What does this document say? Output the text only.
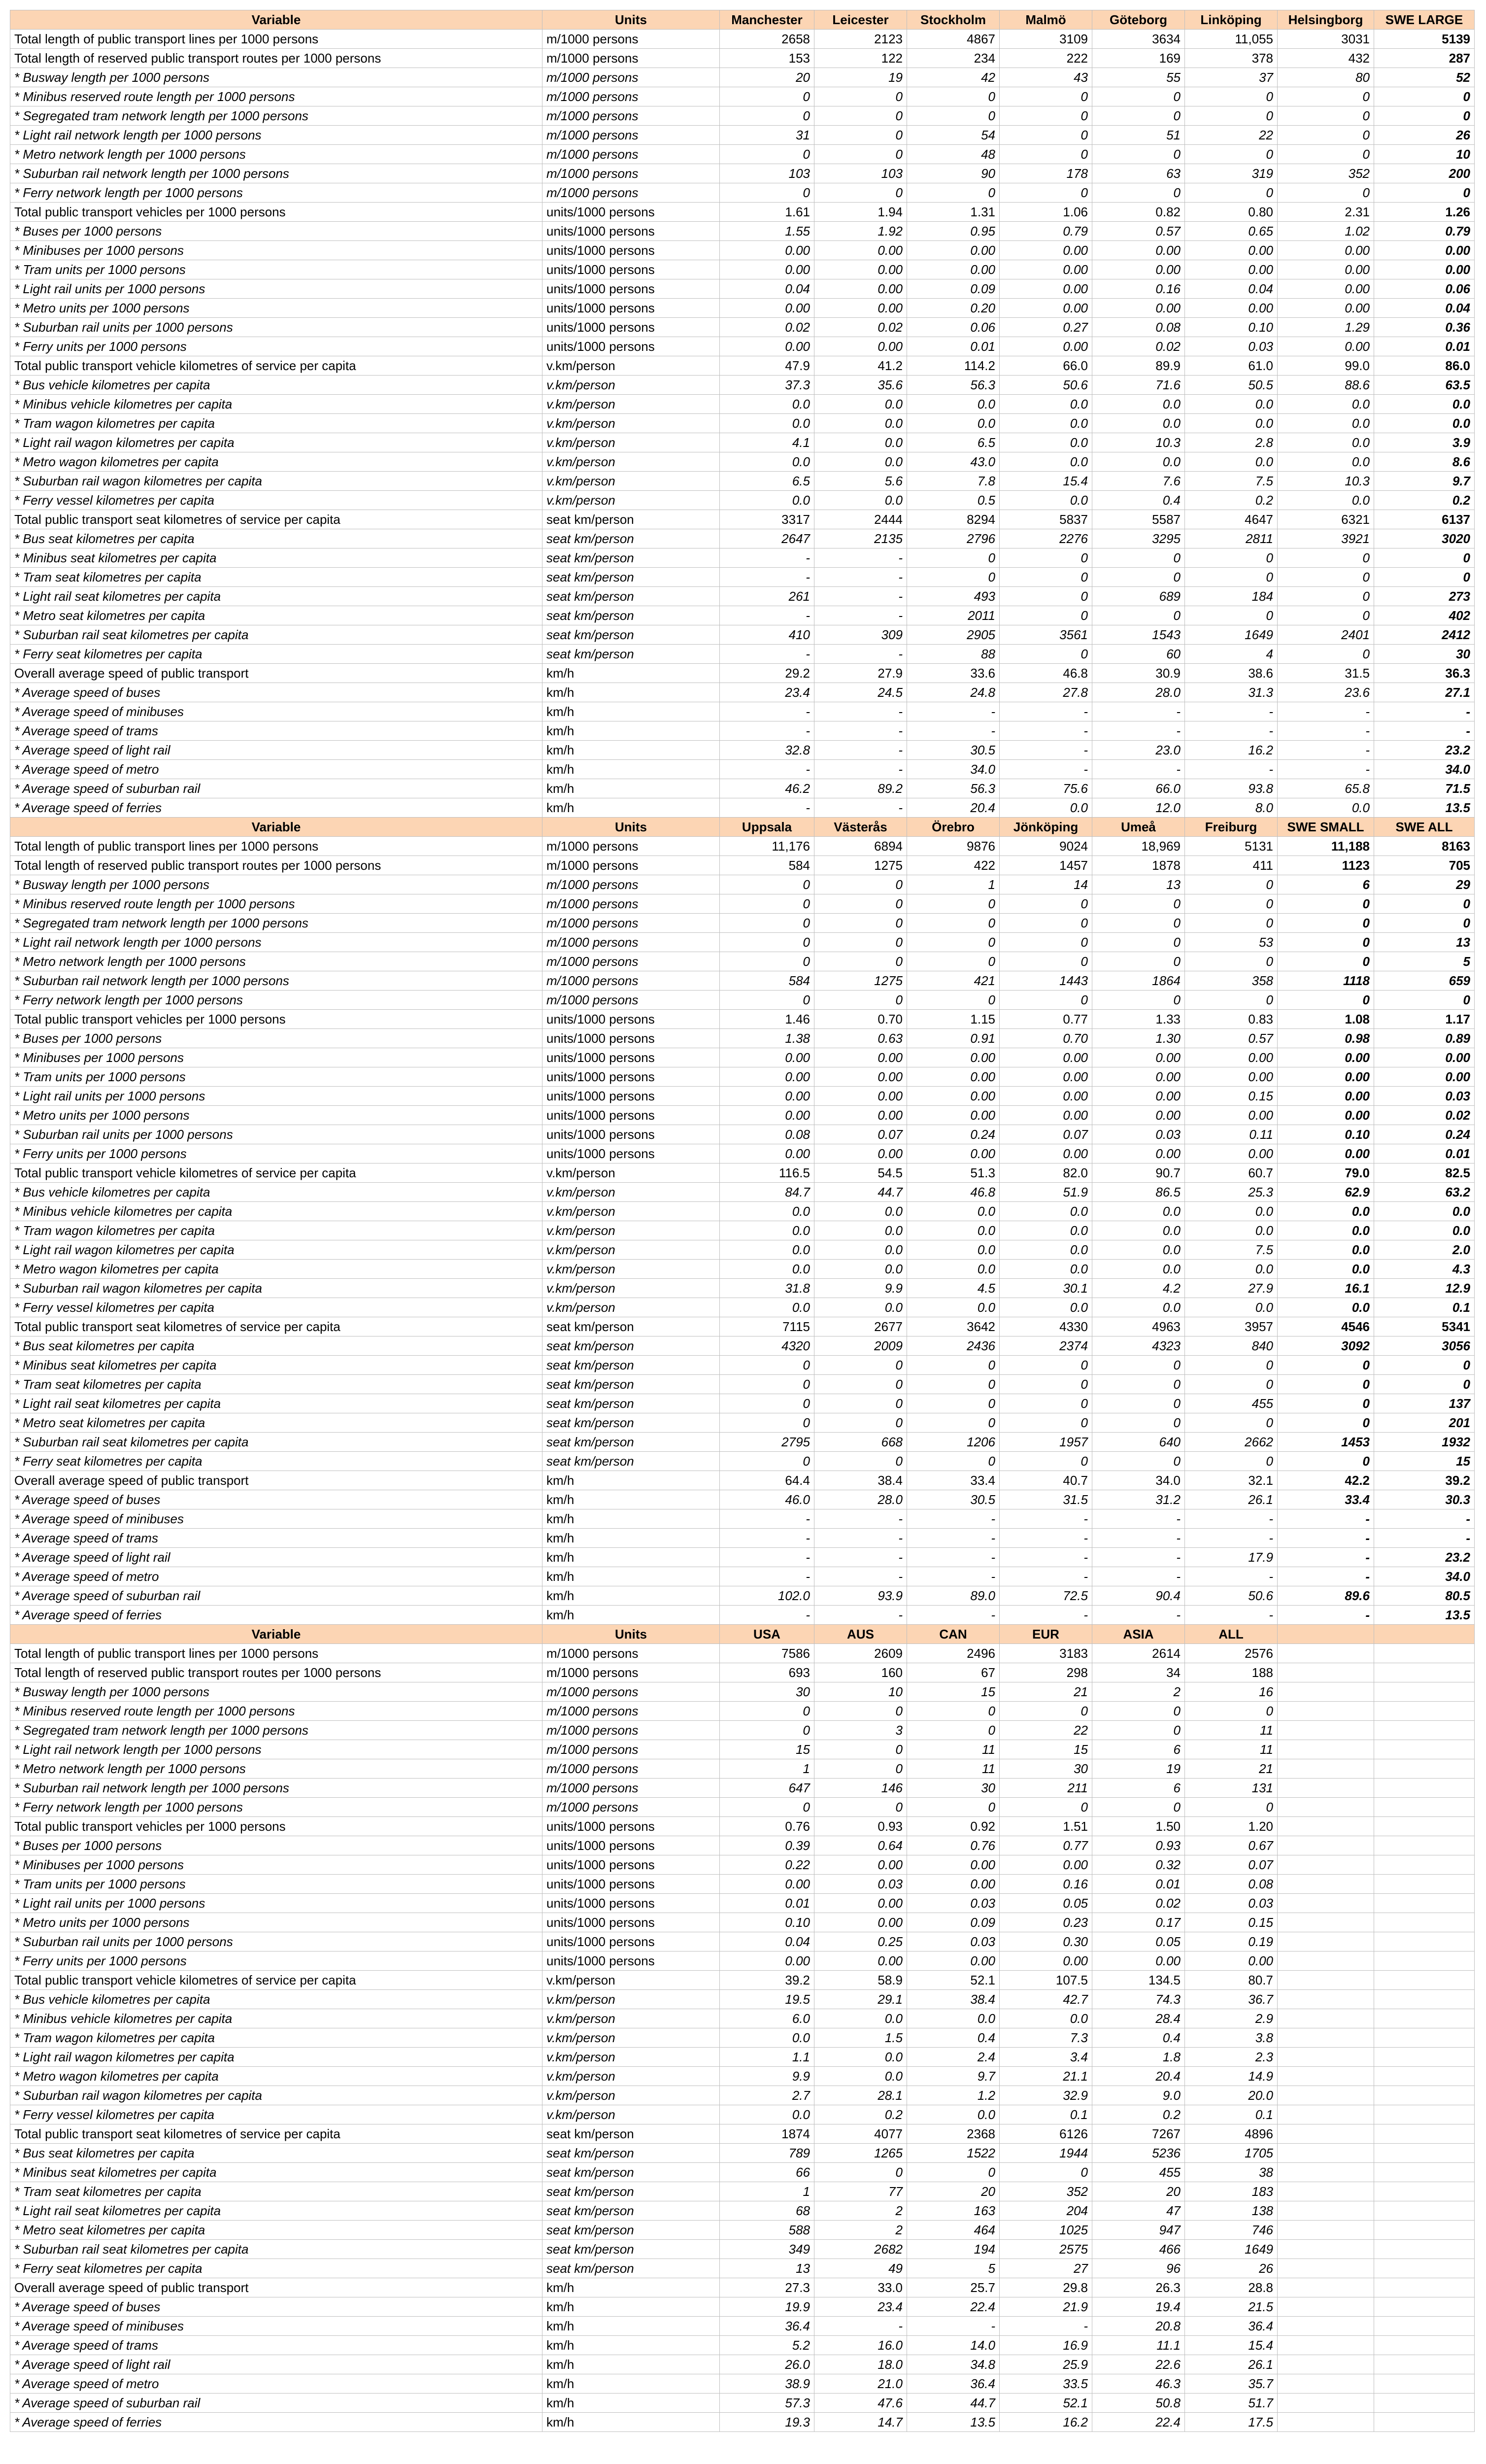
Variable	Units	Manchester	Leicester	Stockholm	Malmö	Göteborg	Linköping	Helsingborg	SWE LARGE
Total length of public transport lines per 1000 persons	m/1000 persons	2658	2123	4867	3109	3634	11,055	3031	5139
Total length of reserved public transport routes per 1000 persons	m/1000 persons	153	122	234	222	169	378	432	287
* Busway length per 1000 persons	m/1000 persons	20	19	42	43	55	37	80	52
* Minibus reserved route length per 1000 persons	m/1000 persons	0	0	0	0	0	0	0	0
* Segregated tram network length per 1000 persons	m/1000 persons	0	0	0	0	0	0	0	0
* Light rail network length per 1000 persons	m/1000 persons	31	0	54	0	51	22	0	26
* Metro network length per 1000 persons	m/1000 persons	0	0	48	0	0	0	0	10
* Suburban rail network length per 1000 persons	m/1000 persons	103	103	90	178	63	319	352	200
* Ferry network length per 1000 persons	m/1000 persons	0	0	0	0	0	0	0	0
Total public transport vehicles per 1000 persons	units/1000 persons	1.61	1.94	1.31	1.06	0.82	0.80	2.31	1.26
* Buses per 1000 persons	units/1000 persons	1.55	1.92	0.95	0.79	0.57	0.65	1.02	0.79
* Minibuses per 1000 persons	units/1000 persons	0.00	0.00	0.00	0.00	0.00	0.00	0.00	0.00
* Tram units per 1000 persons	units/1000 persons	0.00	0.00	0.00	0.00	0.00	0.00	0.00	0.00
* Light rail units per 1000 persons	units/1000 persons	0.04	0.00	0.09	0.00	0.16	0.04	0.00	0.06
* Metro units per 1000 persons	units/1000 persons	0.00	0.00	0.20	0.00	0.00	0.00	0.00	0.04
* Suburban rail units per 1000 persons	units/1000 persons	0.02	0.02	0.06	0.27	0.08	0.10	1.29	0.36
* Ferry units per 1000 persons	units/1000 persons	0.00	0.00	0.01	0.00	0.02	0.03	0.00	0.01
Total public transport vehicle kilometres of service per capita	v.km/person	47.9	41.2	114.2	66.0	89.9	61.0	99.0	86.0
* Bus vehicle kilometres per capita	v.km/person	37.3	35.6	56.3	50.6	71.6	50.5	88.6	63.5
* Minibus vehicle kilometres per capita	v.km/person	0.0	0.0	0.0	0.0	0.0	0.0	0.0	0.0
* Tram wagon kilometres per capita	v.km/person	0.0	0.0	0.0	0.0	0.0	0.0	0.0	0.0
* Light rail wagon kilometres per capita	v.km/person	4.1	0.0	6.5	0.0	10.3	2.8	0.0	3.9
* Metro wagon kilometres per capita	v.km/person	0.0	0.0	43.0	0.0	0.0	0.0	0.0	8.6
* Suburban rail wagon kilometres per capita	v.km/person	6.5	5.6	7.8	15.4	7.6	7.5	10.3	9.7
* Ferry vessel kilometres per capita	v.km/person	0.0	0.0	0.5	0.0	0.4	0.2	0.0	0.2
Total public transport seat kilometres of service per capita	seat km/person	3317	2444	8294	5837	5587	4647	6321	6137
* Bus seat kilometres per capita	seat km/person	2647	2135	2796	2276	3295	2811	3921	3020
* Minibus seat kilometres per capita	seat km/person	-	-	0	0	0	0	0	0
* Tram seat kilometres per capita	seat km/person	-	-	0	0	0	0	0	0
* Light rail seat kilometres per capita	seat km/person	261	-	493	0	689	184	0	273
* Metro seat kilometres per capita	seat km/person	-	-	2011	0	0	0	0	402
* Suburban rail seat kilometres per capita	seat km/person	410	309	2905	3561	1543	1649	2401	2412
* Ferry seat kilometres per capita	seat km/person	-	-	88	0	60	4	0	30
Overall average speed of public transport	km/h	29.2	27.9	33.6	46.8	30.9	38.6	31.5	36.3
* Average speed of buses	km/h	23.4	24.5	24.8	27.8	28.0	31.3	23.6	27.1
* Average speed of minibuses	km/h	-	-	-	-	-	-	-	-
* Average speed of trams	km/h	-	-	-	-	-	-	-	-
* Average speed of light rail	km/h	32.8	-	30.5	-	23.0	16.2	-	23.2
* Average speed of metro	km/h	-	-	34.0	-	-	-	-	34.0
* Average speed of suburban rail	km/h	46.2	89.2	56.3	75.6	66.0	93.8	65.8	71.5
* Average speed of ferries	km/h	-	-	20.4	0.0	12.0	8.0	0.0	13.5
Variable	Units	Uppsala	Västerås	Örebro	Jönköping	Umeå	Freiburg	SWE SMALL	SWE ALL
Total length of public transport lines per 1000 persons	m/1000 persons	11,176	6894	9876	9024	18,969	5131	11,188	8163
Total length of reserved public transport routes per 1000 persons	m/1000 persons	584	1275	422	1457	1878	411	1123	705
* Busway length per 1000 persons	m/1000 persons	0	0	1	14	13	0	6	29
* Minibus reserved route length per 1000 persons	m/1000 persons	0	0	0	0	0	0	0	0
* Segregated tram network length per 1000 persons	m/1000 persons	0	0	0	0	0	0	0	0
* Light rail network length per 1000 persons	m/1000 persons	0	0	0	0	0	53	0	13
* Metro network length per 1000 persons	m/1000 persons	0	0	0	0	0	0	0	5
* Suburban rail network length per 1000 persons	m/1000 persons	584	1275	421	1443	1864	358	1118	659
* Ferry network length per 1000 persons	m/1000 persons	0	0	0	0	0	0	0	0
Total public transport vehicles per 1000 persons	units/1000 persons	1.46	0.70	1.15	0.77	1.33	0.83	1.08	1.17
* Buses per 1000 persons	units/1000 persons	1.38	0.63	0.91	0.70	1.30	0.57	0.98	0.89
* Minibuses per 1000 persons	units/1000 persons	0.00	0.00	0.00	0.00	0.00	0.00	0.00	0.00
* Tram units per 1000 persons	units/1000 persons	0.00	0.00	0.00	0.00	0.00	0.00	0.00	0.00
* Light rail units per 1000 persons	units/1000 persons	0.00	0.00	0.00	0.00	0.00	0.15	0.00	0.03
* Metro units per 1000 persons	units/1000 persons	0.00	0.00	0.00	0.00	0.00	0.00	0.00	0.02
* Suburban rail units per 1000 persons	units/1000 persons	0.08	0.07	0.24	0.07	0.03	0.11	0.10	0.24
* Ferry units per 1000 persons	units/1000 persons	0.00	0.00	0.00	0.00	0.00	0.00	0.00	0.01
Total public transport vehicle kilometres of service per capita	v.km/person	116.5	54.5	51.3	82.0	90.7	60.7	79.0	82.5
* Bus vehicle kilometres per capita	v.km/person	84.7	44.7	46.8	51.9	86.5	25.3	62.9	63.2
* Minibus vehicle kilometres per capita	v.km/person	0.0	0.0	0.0	0.0	0.0	0.0	0.0	0.0
* Tram wagon kilometres per capita	v.km/person	0.0	0.0	0.0	0.0	0.0	0.0	0.0	0.0
* Light rail wagon kilometres per capita	v.km/person	0.0	0.0	0.0	0.0	0.0	7.5	0.0	2.0
* Metro wagon kilometres per capita	v.km/person	0.0	0.0	0.0	0.0	0.0	0.0	0.0	4.3
* Suburban rail wagon kilometres per capita	v.km/person	31.8	9.9	4.5	30.1	4.2	27.9	16.1	12.9
* Ferry vessel kilometres per capita	v.km/person	0.0	0.0	0.0	0.0	0.0	0.0	0.0	0.1
Total public transport seat kilometres of service per capita	seat km/person	7115	2677	3642	4330	4963	3957	4546	5341
* Bus seat kilometres per capita	seat km/person	4320	2009	2436	2374	4323	840	3092	3056
* Minibus seat kilometres per capita	seat km/person	0	0	0	0	0	0	0	0
* Tram seat kilometres per capita	seat km/person	0	0	0	0	0	0	0	0
* Light rail seat kilometres per capita	seat km/person	0	0	0	0	0	455	0	137
* Metro seat kilometres per capita	seat km/person	0	0	0	0	0	0	0	201
* Suburban rail seat kilometres per capita	seat km/person	2795	668	1206	1957	640	2662	1453	1932
* Ferry seat kilometres per capita	seat km/person	0	0	0	0	0	0	0	15
Overall average speed of public transport	km/h	64.4	38.4	33.4	40.7	34.0	32.1	42.2	39.2
* Average speed of buses	km/h	46.0	28.0	30.5	31.5	31.2	26.1	33.4	30.3
* Average speed of minibuses	km/h	-	-	-	-	-	-	-	-
* Average speed of trams	km/h	-	-	-	-	-	-	-	-
* Average speed of light rail	km/h	-	-	-	-	-	17.9	-	23.2
* Average speed of metro	km/h	-	-	-	-	-	-	-	34.0
* Average speed of suburban rail	km/h	102.0	93.9	89.0	72.5	90.4	50.6	89.6	80.5
* Average speed of ferries	km/h	-	-	-	-	-	-	-	13.5
Variable	Units	USA	AUS	CAN	EUR	ASIA	ALL		
Total length of public transport lines per 1000 persons	m/1000 persons	7586	2609	2496	3183	2614	2576		
Total length of reserved public transport routes per 1000 persons	m/1000 persons	693	160	67	298	34	188		
* Busway length per 1000 persons	m/1000 persons	30	10	15	21	2	16		
* Minibus reserved route length per 1000 persons	m/1000 persons	0	0	0	0	0	0		
* Segregated tram network length per 1000 persons	m/1000 persons	0	3	0	22	0	11		
* Light rail network length per 1000 persons	m/1000 persons	15	0	11	15	6	11		
* Metro network length per 1000 persons	m/1000 persons	1	0	11	30	19	21		
* Suburban rail network length per 1000 persons	m/1000 persons	647	146	30	211	6	131		
* Ferry network length per 1000 persons	m/1000 persons	0	0	0	0	0	0		
Total public transport vehicles per 1000 persons	units/1000 persons	0.76	0.93	0.92	1.51	1.50	1.20		
* Buses per 1000 persons	units/1000 persons	0.39	0.64	0.76	0.77	0.93	0.67		
* Minibuses per 1000 persons	units/1000 persons	0.22	0.00	0.00	0.00	0.32	0.07		
* Tram units per 1000 persons	units/1000 persons	0.00	0.03	0.00	0.16	0.01	0.08		
* Light rail units per 1000 persons	units/1000 persons	0.01	0.00	0.03	0.05	0.02	0.03		
* Metro units per 1000 persons	units/1000 persons	0.10	0.00	0.09	0.23	0.17	0.15		
* Suburban rail units per 1000 persons	units/1000 persons	0.04	0.25	0.03	0.30	0.05	0.19		
* Ferry units per 1000 persons	units/1000 persons	0.00	0.00	0.00	0.00	0.00	0.00		
Total public transport vehicle kilometres of service per capita	v.km/person	39.2	58.9	52.1	107.5	134.5	80.7		
* Bus vehicle kilometres per capita	v.km/person	19.5	29.1	38.4	42.7	74.3	36.7		
* Minibus vehicle kilometres per capita	v.km/person	6.0	0.0	0.0	0.0	28.4	2.9		
* Tram wagon kilometres per capita	v.km/person	0.0	1.5	0.4	7.3	0.4	3.8		
* Light rail wagon kilometres per capita	v.km/person	1.1	0.0	2.4	3.4	1.8	2.3		
* Metro wagon kilometres per capita	v.km/person	9.9	0.0	9.7	21.1	20.4	14.9		
* Suburban rail wagon kilometres per capita	v.km/person	2.7	28.1	1.2	32.9	9.0	20.0		
* Ferry vessel kilometres per capita	v.km/person	0.0	0.2	0.0	0.1	0.2	0.1		
Total public transport seat kilometres of service per capita	seat km/person	1874	4077	2368	6126	7267	4896		
* Bus seat kilometres per capita	seat km/person	789	1265	1522	1944	5236	1705		
* Minibus seat kilometres per capita	seat km/person	66	0	0	0	455	38		
* Tram seat kilometres per capita	seat km/person	1	77	20	352	20	183		
* Light rail seat kilometres per capita	seat km/person	68	2	163	204	47	138		
* Metro seat kilometres per capita	seat km/person	588	2	464	1025	947	746		
* Suburban rail seat kilometres per capita	seat km/person	349	2682	194	2575	466	1649		
* Ferry seat kilometres per capita	seat km/person	13	49	5	27	96	26		
Overall average speed of public transport	km/h	27.3	33.0	25.7	29.8	26.3	28.8		
* Average speed of buses	km/h	19.9	23.4	22.4	21.9	19.4	21.5		
* Average speed of minibuses	km/h	36.4	-	-	-	20.8	36.4		
* Average speed of trams	km/h	5.2	16.0	14.0	16.9	11.1	15.4		
* Average speed of light rail	km/h	26.0	18.0	34.8	25.9	22.6	26.1		
* Average speed of metro	km/h	38.9	21.0	36.4	33.5	46.3	35.7		
* Average speed of suburban rail	km/h	57.3	47.6	44.7	52.1	50.8	51.7		
* Average speed of ferries	km/h	19.3	14.7	13.5	16.2	22.4	17.5		
